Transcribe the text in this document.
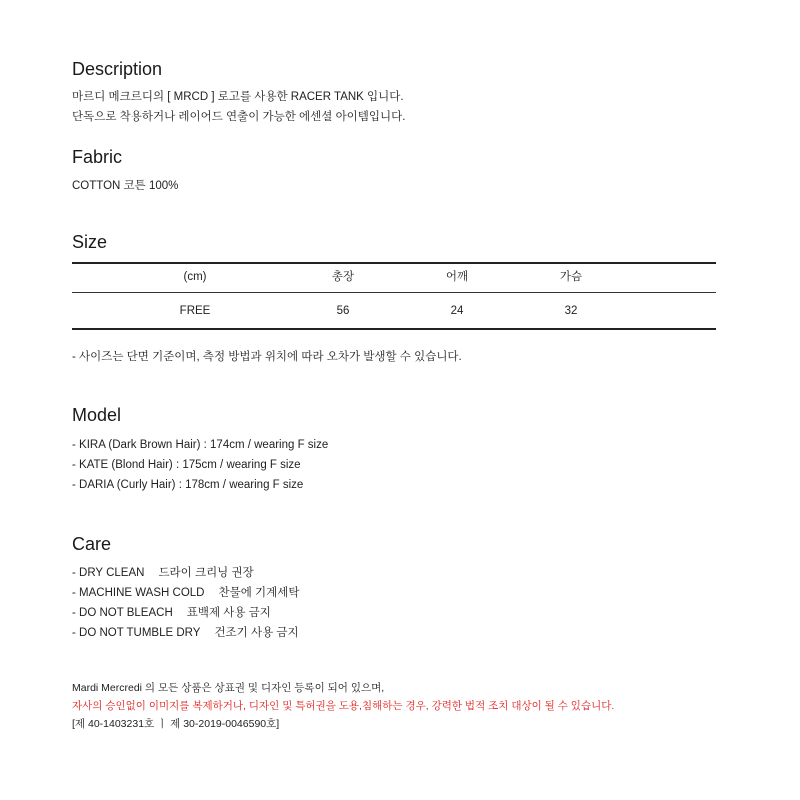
Description
마르디 메크르디의 [ MRCD ] 로고를 사용한 RACER TANK 입니다.
단독으로 착용하거나 레이어드 연출이 가능한 에센셜 아이템입니다.
Fabric
COTTON 코튼 100%
Size
(cm)	총장	어깨	가슴
FREE	56	24	32
- 사이즈는 단면 기준이며, 측정 방법과 위치에 따라 오차가 발생할 수 있습니다.
Model
- KIRA (Dark Brown Hair) : 174cm / wearing F size
- KATE (Blond Hair) : 175cm / wearing F size
- DARIA (Curly Hair) : 178cm / wearing F size
Care
- DRY CLEAN 드라이 크리닝 권장
- MACHINE WASH COLD 찬물에 기계세탁
- DO NOT BLEACH 표백제 사용 금지
- DO NOT TUMBLE DRY 건조기 사용 금지
Mardi Mercredi 의 모든 상품은 상표권 및 디자인 등록이 되어 있으며,
자사의 승인없이 이미지를 복제하거나, 디자인 및 특허권을 도용,침해하는 경우, 강력한 법적 조치 대상이 될 수 있습니다.
[제 40-1403231호 ㅣ 제 30-2019-0046590호]
